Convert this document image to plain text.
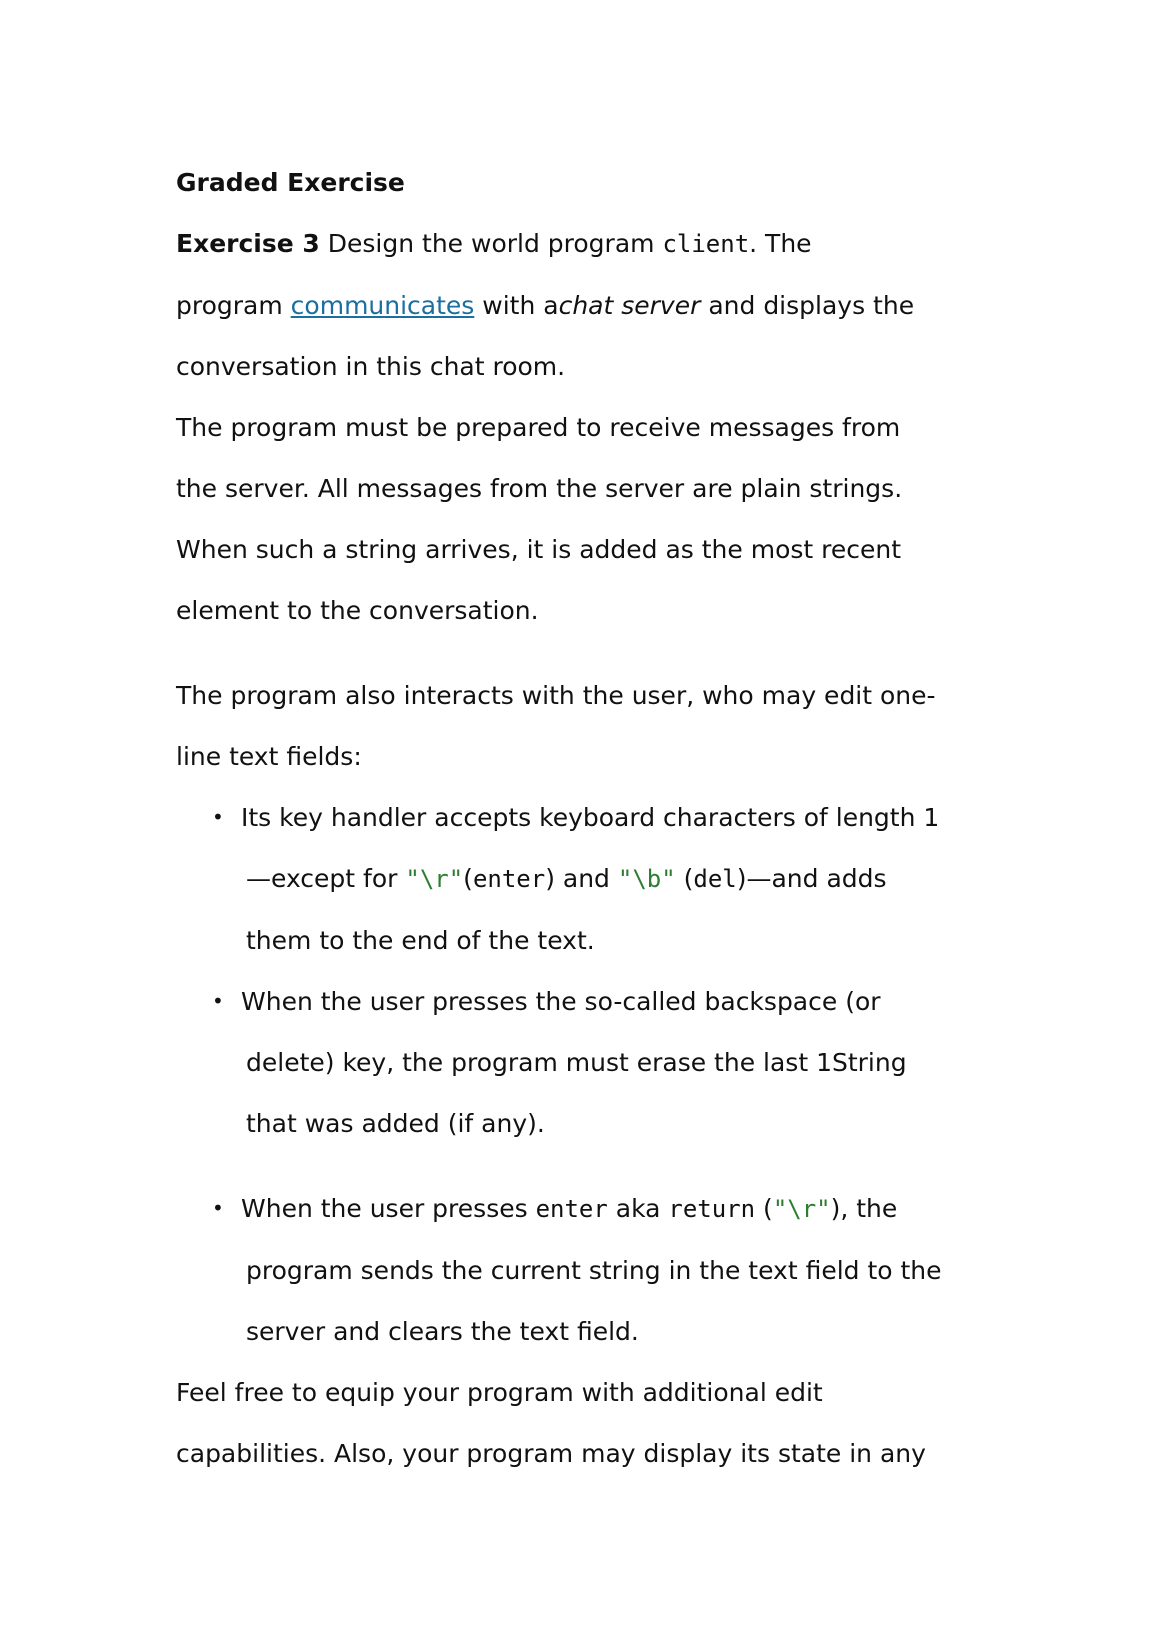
Graded Exercise

Exercise 3 Design the world program client. The

program communicates with achat server and displays the

conversation in this chat room.

The program must be prepared to receive messages from

the server. All messages from the server are plain strings.

When such a string arrives, it is added as the most recent

element to the conversation.

The program also interacts with the user, who may edit one-

line text fields:

• Its key handler accepts keyboard characters of length 1

—except for "\r"(enter) and "\b" (del)—and adds

them to the end of the text.

• When the user presses the so-called backspace (or

delete) key, the program must erase the last 1String

that was added (if any).

• When the user presses enter aka return ("\r"), the

program sends the current string in the text field to the

server and clears the text field.

Feel free to equip your program with additional edit

capabilities. Also, your program may display its state in any
